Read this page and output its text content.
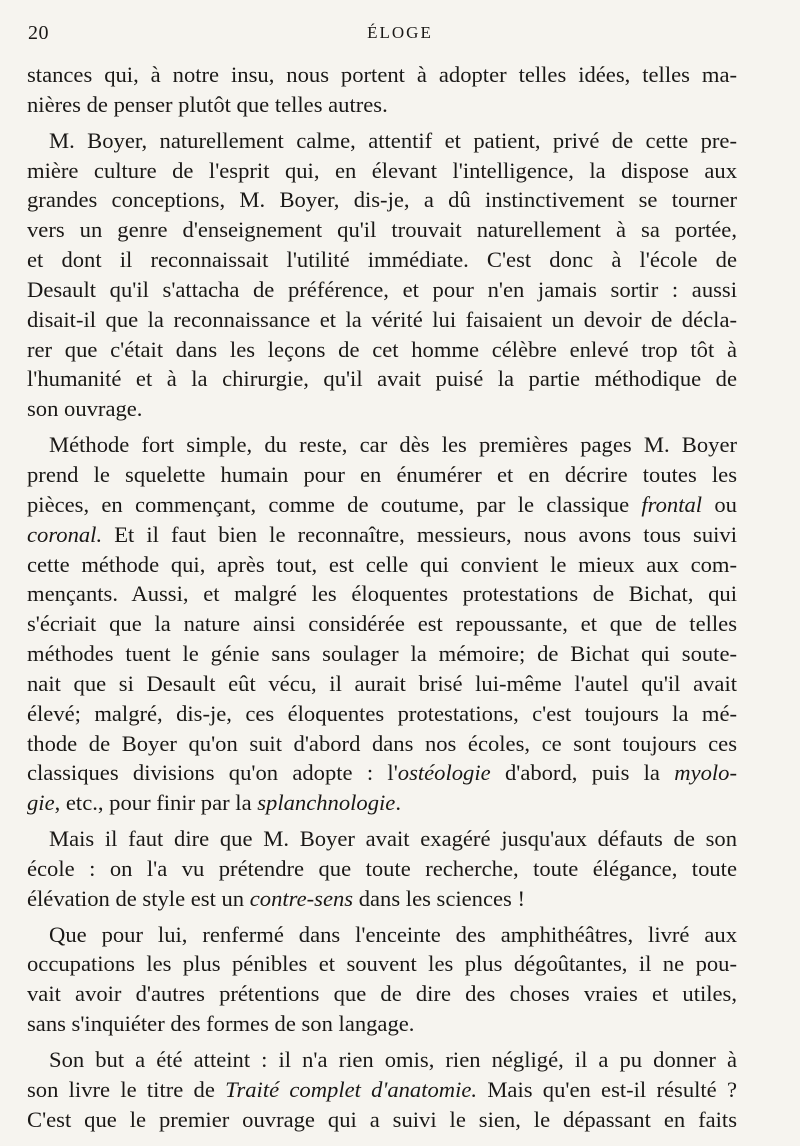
20	ÉLOGE

stances qui, à notre insu, nous portent à adopter telles idées, telles ma-
nières de penser plutôt que telles autres.

M. Boyer, naturellement calme, attentif et patient, privé de cette pre-
mière culture de l'esprit qui, en élevant l'intelligence, la dispose aux
grandes conceptions, M. Boyer, dis-je, a dû instinctivement se tourner
vers un genre d'enseignement qu'il trouvait naturellement à sa portée,
et dont il reconnaissait l'utilité immédiate. C'est donc à l'école de
Desault qu'il s'attacha de préférence, et pour n'en jamais sortir : aussi
disait-il que la reconnaissance et la vérité lui faisaient un devoir de décla-
rer que c'était dans les leçons de cet homme célèbre enlevé trop tôt à
l'humanité et à la chirurgie, qu'il avait puisé la partie méthodique de
son ouvrage.

Méthode fort simple, du reste, car dès les premières pages M. Boyer
prend le squelette humain pour en énumérer et en décrire toutes les
pièces, en commençant, comme de coutume, par le classique frontal ou
coronal. Et il faut bien le reconnaître, messieurs, nous avons tous suivi
cette méthode qui, après tout, est celle qui convient le mieux aux com-
mençants. Aussi, et malgré les éloquentes protestations de Bichat, qui
s'écriait que la nature ainsi considérée est repoussante, et que de telles
méthodes tuent le génie sans soulager la mémoire; de Bichat qui soute-
nait que si Desault eût vécu, il aurait brisé lui-même l'autel qu'il avait
élevé; malgré, dis-je, ces éloquentes protestations, c'est toujours la mé-
thode de Boyer qu'on suit d'abord dans nos écoles, ce sont toujours ces
classiques divisions qu'on adopte : l'ostéologie d'abord, puis la myolo-
gie, etc., pour finir par la splanchnologie.

Mais il faut dire que M. Boyer avait exagéré jusqu'aux défauts de son
école : on l'a vu prétendre que toute recherche, toute élégance, toute
élévation de style est un contre-sens dans les sciences !

Que pour lui, renfermé dans l'enceinte des amphithéâtres, livré aux
occupations les plus pénibles et souvent les plus dégoûtantes, il ne pou-
vait avoir d'autres prétentions que de dire des choses vraies et utiles,
sans s'inquiéter des formes de son langage.

Son but a été atteint : il n'a rien omis, rien négligé, il a pu donner à
son livre le titre de Traité complet d'anatomie. Mais qu'en est-il résulté ?
C'est que le premier ouvrage qui a suivi le sien, le dépassant en faits
